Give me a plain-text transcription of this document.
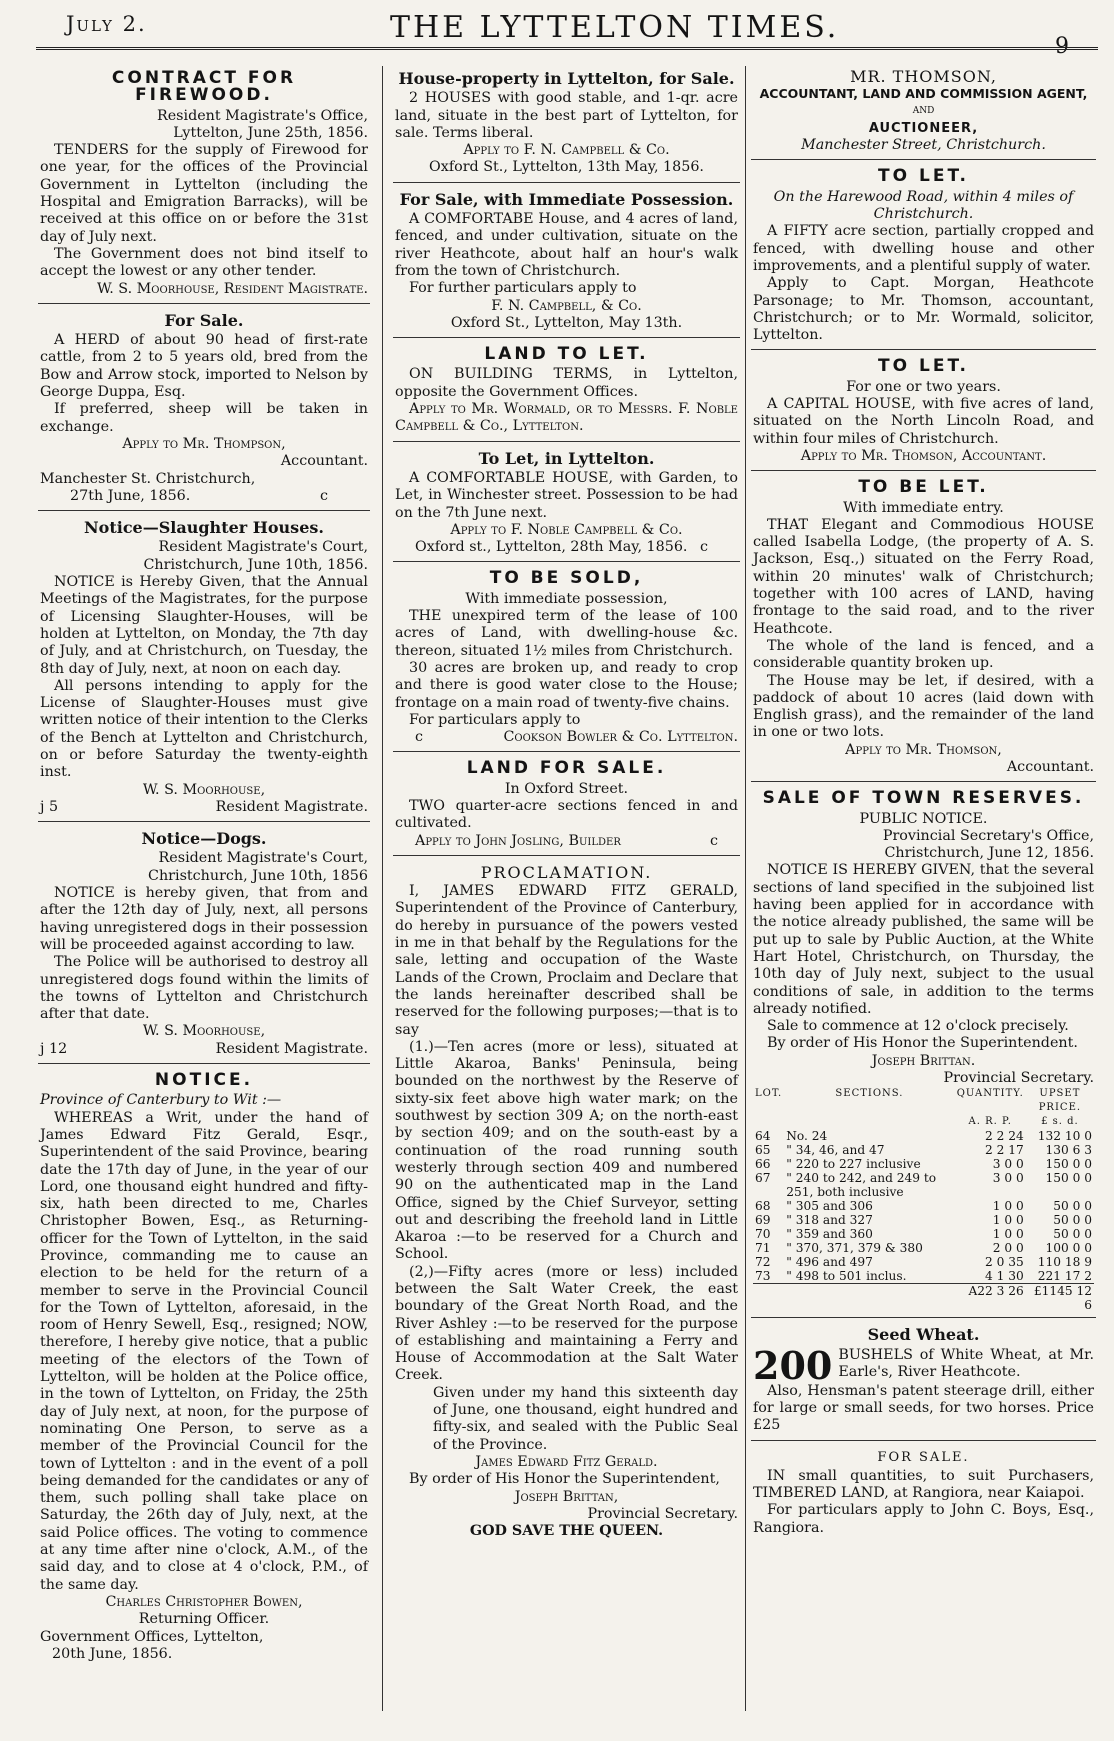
July 2.	THE LYTTELTON TIMES.
9
CONTRACT FOR FIREWOOD.
Resident Magistrate's Office,
Lyttelton, June 25th, 1856.

TENDERS for the supply of Firewood for one year, for the offices of the Provincial Government in Lyttelton (including the Hospital and Emigration Barracks), will be received at this office on or before the 31st day of July next.

The Government does not bind itself to accept the lowest or any other tender.

W. S. Moorhouse, Resident Magistrate.
For Sale.

A HERD of about 90 head of first-rate cattle, from 2 to 5 years old, bred from the Bow and Arrow stock, imported to Nelson by George Duppa, Esq.

If preferred, sheep will be taken in exchange.

Apply to Mr. Thompson,
Accountant.
Manchester St. Christchurch,
27th June, 1856.	c
Notice—Slaughter Houses.
Resident Magistrate's Court,
Christchurch, June 10th, 1856.

NOTICE is Hereby Given, that the Annual Meetings of the Magistrates, for the purpose of Licensing Slaughter-Houses, will be holden at Lyttelton, on Monday, the 7th day of July, and at Christchurch, on Tuesday, the 8th day of July, next, at noon on each day.

All persons intending to apply for the License of Slaughter-Houses must give written notice of their intention to the Clerks of the Bench at Lyttelton and Christchurch, on or before Saturday the twenty-eighth inst.

W. S. Moorhouse,
j 5	Resident Magistrate.
Notice—Dogs.
Resident Magistrate's Court,
Christchurch, June 10th, 1856

NOTICE is hereby given, that from and after the 12th day of July, next, all persons having unregistered dogs in their possession will be proceeded against according to law.

The Police will be authorised to destroy all unregistered dogs found within the limits of the towns of Lyttelton and Christchurch after that date.

W. S. Moorhouse,
j 12	Resident Magistrate.
NOTICE.
Province of Canterbury to Wit :—

WHEREAS a Writ, under the hand of James Edward Fitz Gerald, Esqr., Superintendent of the said Province, bearing date the 17th day of June, in the year of our Lord, one thousand eight hundred and fifty-six, hath been directed to me, Charles Christopher Bowen, Esq., as Returning-officer for the Town of Lyttelton, in the said Province, commanding me to cause an election to be held for the return of a member to serve in the Provincial Council for the Town of Lyttelton, aforesaid, in the room of Henry Sewell, Esq., resigned; NOW, therefore, I hereby give notice, that a public meeting of the electors of the Town of Lyttelton, will be holden at the Police office, in the town of Lyttelton, on Friday, the 25th day of July next, at noon, for the purpose of nominating One Person, to serve as a member of the Provincial Council for the town of Lyttelton : and in the event of a poll being demanded for the candidates or any of them, such polling shall take place on Saturday, the 26th day of July, next, at the said Police offices. The voting to commence at any time after nine o'clock, A.M., of the said day, and to close at 4 o'clock, P.M., of the same day.

Charles Christopher Bowen,
Returning Officer.
Government Offices, Lyttelton,
20th June, 1856.
House-property in Lyttelton, for Sale.

2 HOUSES with good stable, and 1-qr. acre land, situate in the best part of Lyttelton, for sale. Terms liberal.

Apply to F. N. Campbell & Co.
Oxford St., Lyttelton, 13th May, 1856.
For Sale, with Immediate Possession.

A COMFORTABE House, and 4 acres of land, fenced, and under cultivation, situate on the river Heathcote, about half an hour's walk from the town of Christchurch.

For further particulars apply to

F. N. Campbell, & Co.
Oxford St., Lyttelton, May 13th.
LAND TO LET.

ON BUILDING TERMS, in Lyttelton, opposite the Government Offices.

Apply to Mr. Wormald, or to Messrs. F. Noble Campbell & Co., Lyttelton.

To Let, in Lyttelton.

A COMFORTABLE HOUSE, with Garden, to Let, in Winchester street. Possession to be had on the 7th June next.

Apply to F. Noble Campbell & Co.
Oxford st., Lyttelton, 28th May, 1856. c
TO BE SOLD,
With immediate possession,

THE unexpired term of the lease of 100 acres of Land, with dwelling-house &c. thereon, situated 1½ miles from Christchurch.

30 acres are broken up, and ready to crop and there is good water close to the House; frontage on a main road of twenty-five chains.

For particulars apply to

c	Cookson Bowler & Co. Lyttelton.
LAND FOR SALE.
In Oxford Street.

TWO quarter-acre sections fenced in and cultivated.

Apply to John Josling, Builder	c
PROCLAMATION.

I, JAMES EDWARD FITZ GERALD, Superintendent of the Province of Canterbury, do hereby in pursuance of the powers vested in me in that behalf by the Regulations for the sale, letting and occupation of the Waste Lands of the Crown, Proclaim and Declare that the lands hereinafter described shall be reserved for the following purposes;—that is to say

(1.)—Ten acres (more or less), situated at Little Akaroa, Banks' Peninsula, being bounded on the northwest by the Reserve of sixty-six feet above high water mark; on the southwest by section 309 A; on the north-east by section 409; and on the south-east by a continuation of the road running south westerly through section 409 and numbered 90 on the authenticated map in the Land Office, signed by the Chief Surveyor, setting out and describing the freehold land in Little Akaroa :—to be reserved for a Church and School.

(2,)—Fifty acres (more or less) included between the Salt Water Creek, the east boundary of the Great North Road, and the River Ashley :—to be reserved for the purpose of establishing and maintaining a Ferry and House of Accommodation at the Salt Water Creek.

Given under my hand this sixteenth day of June, one thousand, eight hundred and fifty-six, and sealed with the Public Seal of the Province.

James Edward Fitz Gerald.

By order of His Honor the Superintendent,

Joseph Brittan,
Provincial Secretary.
GOD SAVE THE QUEEN.
MR. THOMSON,
ACCOUNTANT, LAND AND COMMISSION AGENT,
AND
AUCTIONEER,
Manchester Street, Christchurch.
TO LET.
On the Harewood Road, within 4 miles of Christchurch.

A FIFTY acre section, partially cropped and fenced, with dwelling house and other improvements, and a plentiful supply of water.

Apply to Capt. Morgan, Heathcote Parsonage; to Mr. Thomson, accountant, Christchurch; or to Mr. Wormald, solicitor, Lyttelton.

TO LET.
For one or two years.

A CAPITAL HOUSE, with five acres of land, situated on the North Lincoln Road, and within four miles of Christchurch.

Apply to Mr. Thomson, Accountant.
TO BE LET.
With immediate entry.

THAT Elegant and Commodious HOUSE called Isabella Lodge, (the property of A. S. Jackson, Esq.,) situated on the Ferry Road, within 20 minutes' walk of Christchurch; together with 100 acres of LAND, having frontage to the said road, and to the river Heathcote.

The whole of the land is fenced, and a considerable quantity broken up.

The House may be let, if desired, with a paddock of about 10 acres (laid down with English grass), and the remainder of the land in one or two lots.

Apply to Mr. Thomson,
Accountant.
SALE OF TOWN RESERVES.
PUBLIC NOTICE.
Provincial Secretary's Office,
Christchurch, June 12, 1856.

NOTICE IS HEREBY GIVEN, that the several sections of land specified in the subjoined list having been applied for in accordance with the notice already published, the same will be put up to sale by Public Auction, at the White Hart Hotel, Christchurch, on Thursday, the 10th day of July next, subject to the usual conditions of sale, in addition to the terms already notified.

Sale to commence at 12 o'clock precisely.

By order of His Honor the Superintendent.

Joseph Brittan.
Provincial Secretary.
LOT.	SECTIONS.	QUANTITY.	UPSET PRICE.
		A. R. P.	£ s. d.
64	No. 24	2 2 24	132 10 0
65	" 34, 46, and 47	2 2 17	130 6 3
66	" 220 to 227 inclusive	3 0 0	150 0 0
67	" 240 to 242, and 249 to 251, both inclusive	3 0 0	150 0 0
68	" 305 and 306	1 0 0	50 0 0
69	" 318 and 327	1 0 0	50 0 0
70	" 359 and 360	1 0 0	50 0 0
71	" 370, 371, 379 & 380	2 0 0	100 0 0
72	" 496 and 497	2 0 35	110 18 9
73	" 498 to 501 inclus.	4 1 30	221 17 2
		A22 3 26	£1145 12 6
Seed Wheat.
200 BUSHELS of White Wheat, at Mr. Earle's, River Heathcote.

Also, Hensman's patent steerage drill, either for large or small seeds, for two horses. Price £25

FOR SALE.

IN small quantities, to suit Purchasers, TIMBERED LAND, at Rangiora, near Kaiapoi.

For particulars apply to John C. Boys, Esq., Rangiora.
